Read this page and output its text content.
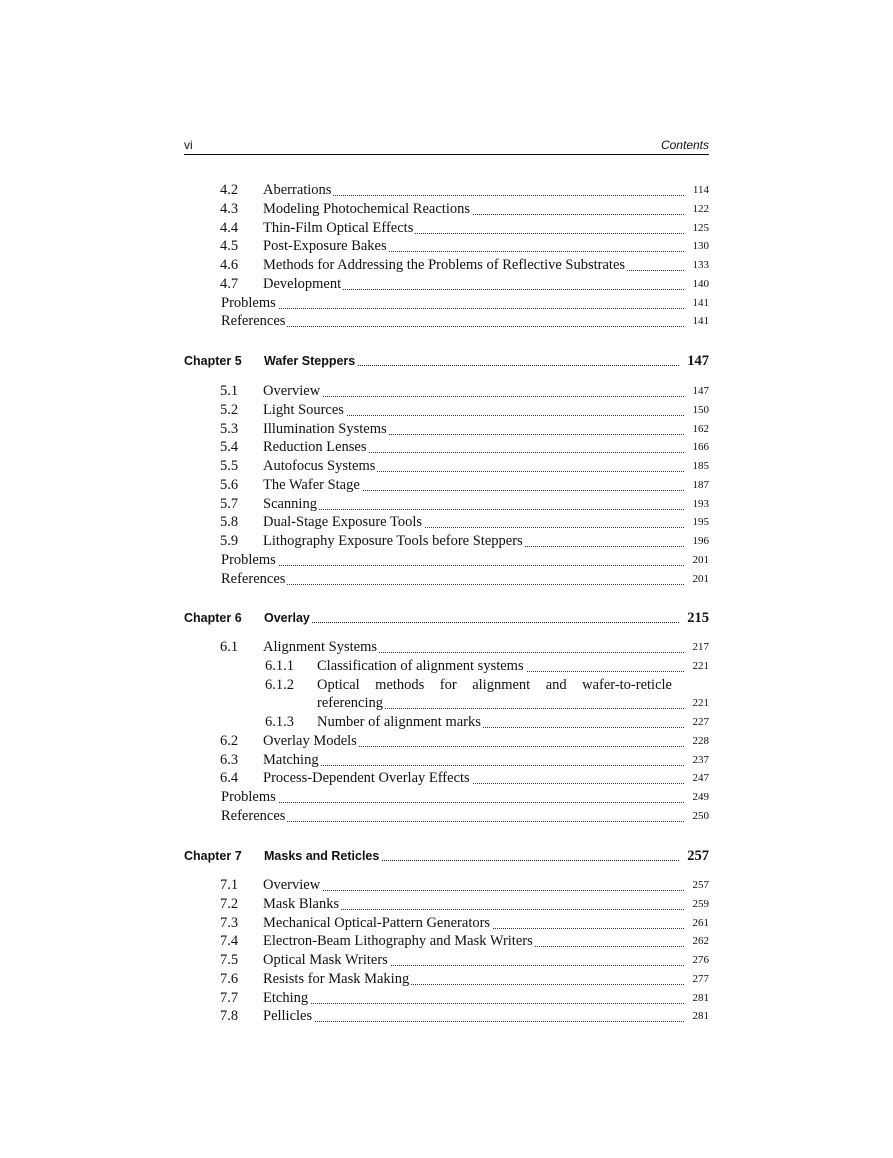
vi	Contents
4.2 Aberrations	114
4.3 Modeling Photochemical Reactions	122
4.4 Thin-Film Optical Effects	125
4.5 Post-Exposure Bakes	130
4.6 Methods for Addressing the Problems of Reflective Substrates	133
4.7 Development	140
Problems	141
References	141
Chapter 5 Wafer Steppers	147
5.1 Overview	147
5.2 Light Sources	150
5.3 Illumination Systems	162
5.4 Reduction Lenses	166
5.5 Autofocus Systems	185
5.6 The Wafer Stage	187
5.7 Scanning	193
5.8 Dual-Stage Exposure Tools	195
5.9 Lithography Exposure Tools before Steppers	196
Problems	201
References	201
Chapter 6 Overlay	215
6.1 Alignment Systems	217
6.1.1 Classification of alignment systems	221
6.1.2 Optical methods for alignment and wafer-to-reticle
referencing	221
6.1.3 Number of alignment marks	227
6.2 Overlay Models	228
6.3 Matching	237
6.4 Process-Dependent Overlay Effects	247
Problems	249
References	250
Chapter 7 Masks and Reticles	257
7.1 Overview	257
7.2 Mask Blanks	259
7.3 Mechanical Optical-Pattern Generators	261
7.4 Electron-Beam Lithography and Mask Writers	262
7.5 Optical Mask Writers	276
7.6 Resists for Mask Making	277
7.7 Etching	281
7.8 Pellicles	281
